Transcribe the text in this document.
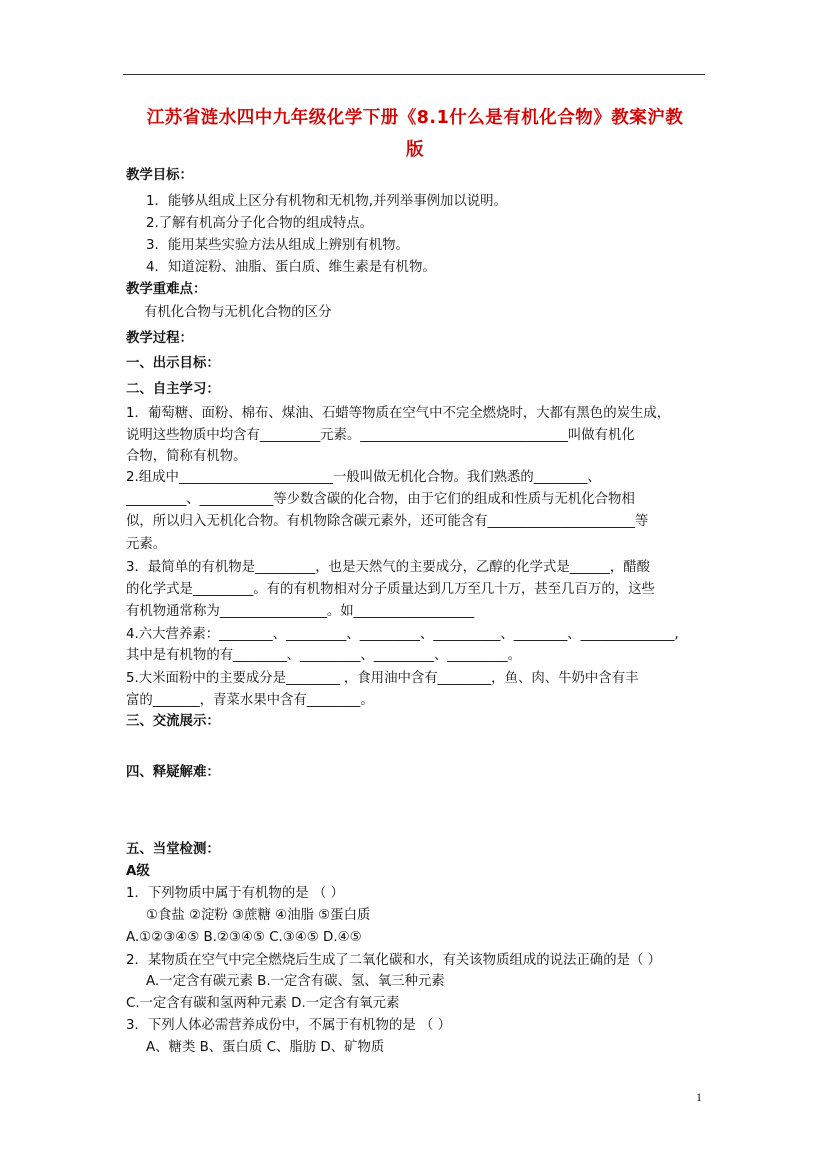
江苏省涟水四中九年级化学下册《8.1什么是有机化合物》教案沪教
版
教学目标：
1．能够从组成上区分有机物和无机物,并列举事例加以说明。
2.了解有机高分子化合物的组成特点。
3．能用某些实验方法从组成上辨别有机物。
4．知道淀粉、油脂、蛋白质、维生素是有机物。
教学重难点：
有机化合物与无机化合物的区分
教学过程：
一、出示目标：
二、自主学习：
1．葡萄糖、面粉、棉布、煤油、石蜡等物质在空气中不完全燃烧时，大都有黑色的炭生成，
说明这些物质中均含有_________元素。_______________________________叫做有机化
合物，简称有机物。
2.组成中_______________________一般叫做无机化合物。我们熟悉的________、
_________、___________等少数含碳的化合物，由于它们的组成和性质与无机化合物相
似，所以归入无机化合物。有机物除含碳元素外，还可能含有______________________等
元素。
3．最简单的有机物是_________，也是天然气的主要成分，乙醇的化学式是______，醋酸
的化学式是_________。有的有机物相对分子质量达到几万至几十万，甚至几百万的，这些
有机物通常称为________________。如__________________
4.六大营养素：________、_________、_________、__________、________、______________,
其中是有机物的有________、_________、_________、_________。
5.大米面粉中的主要成分是________ ，食用油中含有________，鱼、肉、牛奶中含有丰
富的_______，青菜水果中含有________。
三、交流展示：
四、释疑解难：
五、当堂检测：
A级
1．下列物质中属于有机物的是 （ ）
①食盐 ②淀粉 ③蔗糖 ④油脂 ⑤蛋白质
A.①②③④⑤ B.②③④⑤ C.③④⑤ D.④⑤
2．某物质在空气中完全燃烧后生成了二氧化碳和水，有关该物质组成的说法正确的是（ ）
A.一定含有碳元素 B.一定含有碳、氢、氧三种元素
C.一定含有碳和氢两种元素 D.一定含有氧元素
3．下列人体必需营养成份中，不属于有机物的是 （ ）
A、糖类 B、蛋白质 C、脂肪 D、矿物质
1
